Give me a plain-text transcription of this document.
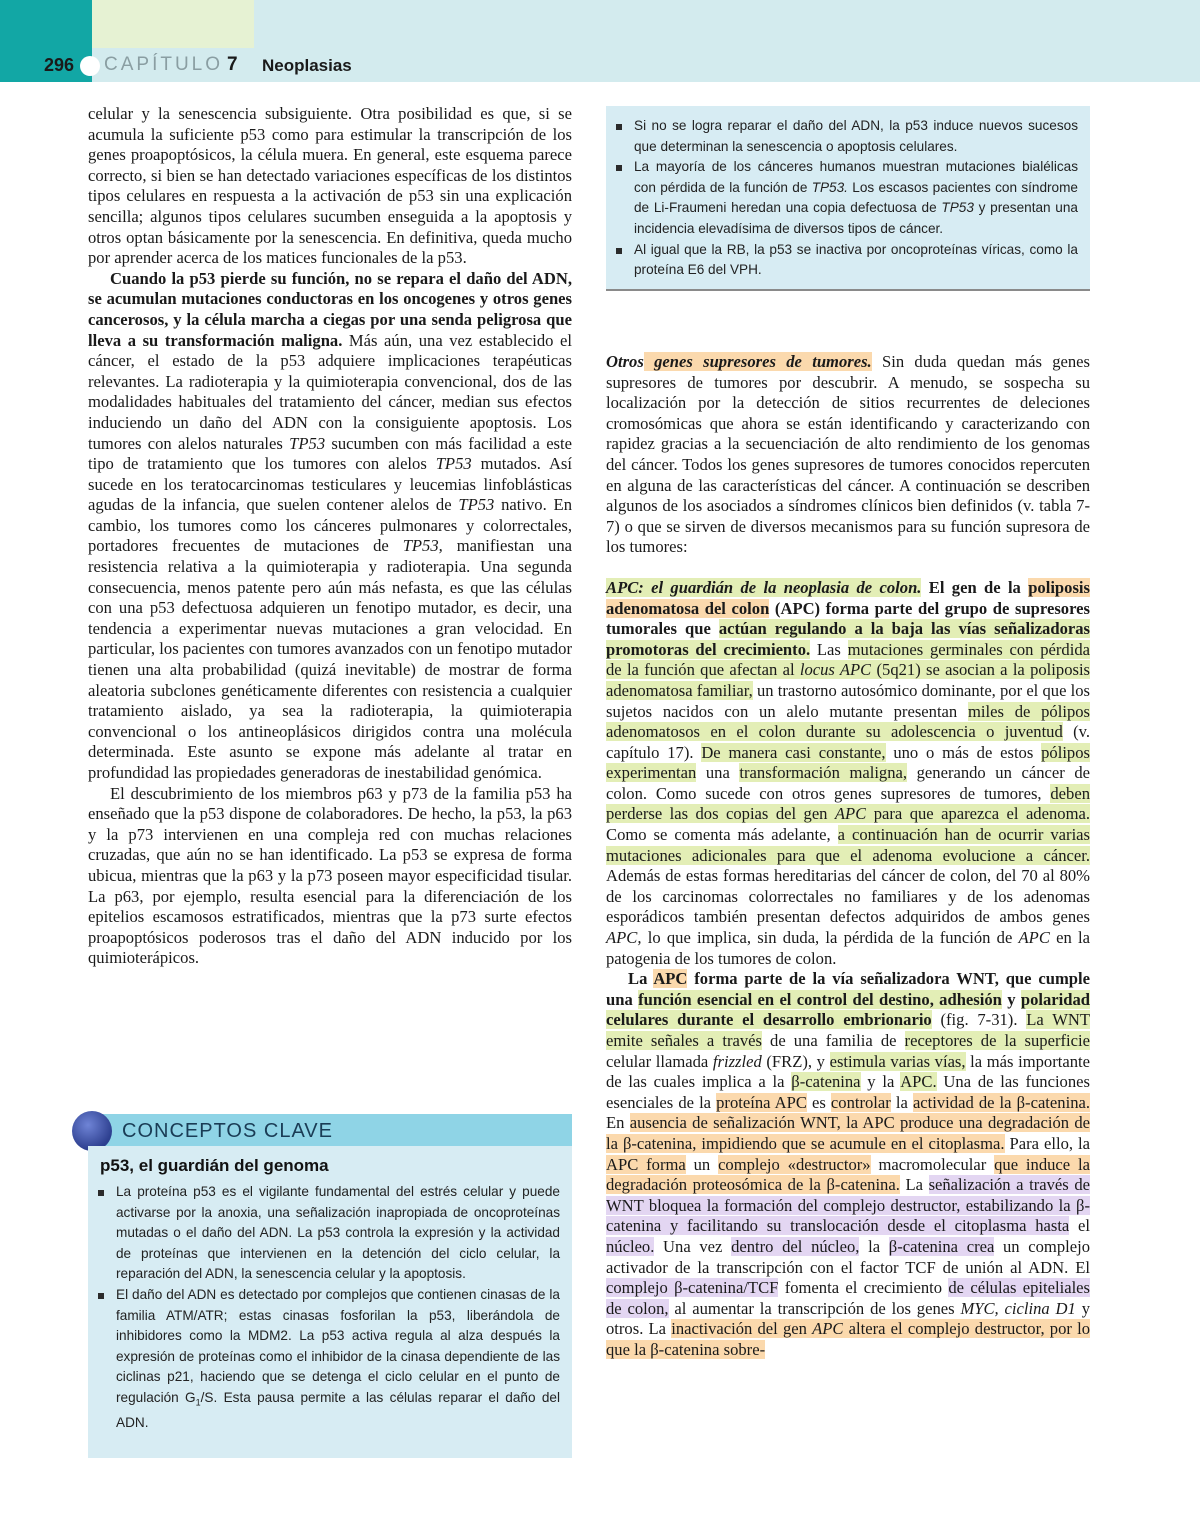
296 CAPÍTULO 7 Neoplasias

celular y la senescencia subsiguiente. Otra posibilidad es que, si se acumula la suficiente p53 como para estimular la transcripción de los genes proapoptósicos, la célula muera. En general, este esquema parece correcto, si bien se han detectado variaciones específicas de los distintos tipos celulares en respuesta a la activación de p53 sin una explicación sencilla; algunos tipos celulares sucumben enseguida a la apoptosis y otros optan básicamente por la senescencia. En definitiva, queda mucho por aprender acerca de los matices funcionales de la p53.

Cuando la p53 pierde su función, no se repara el daño del ADN, se acumulan mutaciones conductoras en los oncogenes y otros genes cancerosos, y la célula marcha a ciegas por una senda peligrosa que lleva a su transformación maligna. Más aún, una vez establecido el cáncer, el estado de la p53 adquiere implicaciones terapéuticas relevantes. La radioterapia y la quimioterapia convencional, dos de las modalidades habituales del tratamiento del cáncer, median sus efectos induciendo un daño del ADN con la consiguiente apoptosis. Los tumores con alelos naturales TP53 sucumben con más facilidad a este tipo de tratamiento que los tumores con alelos TP53 mutados. Así sucede en los teratocarcinomas testiculares y leucemias linfoblásticas agudas de la infancia, que suelen contener alelos de TP53 nativo. En cambio, los tumores como los cánceres pulmonares y colorrectales, portadores frecuentes de mutaciones de TP53, manifiestan una resistencia relativa a la quimioterapia y radioterapia. Una segunda consecuencia, menos patente pero aún más nefasta, es que las células con una p53 defectuosa adquieren un fenotipo mutador, es decir, una tendencia a experimentar nuevas mutaciones a gran velocidad. En particular, los pacientes con tumores avanzados con un fenotipo mutador tienen una alta probabilidad (quizá inevitable) de mostrar de forma aleatoria subclones genéticamente diferentes con resistencia a cualquier tratamiento aislado, ya sea la radioterapia, la quimioterapia convencional o los antineoplásicos dirigidos contra una molécula determinada. Este asunto se expone más adelante al tratar en profundidad las propiedades generadoras de inestabilidad genómica.

El descubrimiento de los miembros p63 y p73 de la familia p53 ha enseñado que la p53 dispone de colaboradores. De hecho, la p53, la p63 y la p73 intervienen en una compleja red con muchas relaciones cruzadas, que aún no se han identificado. La p53 se expresa de forma ubicua, mientras que la p63 y la p73 poseen mayor especificidad tisular. La p63, por ejemplo, resulta esencial para la diferenciación de los epitelios escamosos estratificados, mientras que la p73 surte efectos proapoptósicos poderosos tras el daño del ADN inducido por los quimioterápicos.

CONCEPTOS CLAVE
p53, el guardián del genoma
La proteína p53 es el vigilante fundamental del estrés celular y puede activarse por la anoxia, una señalización inapropiada de oncoproteínas mutadas o el daño del ADN. La p53 controla la expresión y la actividad de proteínas que intervienen en la detención del ciclo celular, la reparación del ADN, la senescencia celular y la apoptosis.
El daño del ADN es detectado por complejos que contienen cinasas de la familia ATM/ATR; estas cinasas fosforilan la p53, liberándola de inhibidores como la MDM2. La p53 activa regula al alza después la expresión de proteínas como el inhibidor de la cinasa dependiente de las ciclinas p21, haciendo que se detenga el ciclo celular en el punto de regulación $G_1/S$. Esta pausa permite a las células reparar el daño del ADN.
Si no se logra reparar el daño del ADN, la p53 induce nuevos sucesos que determinan la senescencia o apoptosis celulares.
La mayoría de los cánceres humanos muestran mutaciones bialélicas con pérdida de la función de TP53. Los escasos pacientes con síndrome de Li-Fraumeni heredan una copia defectuosa de TP53 y presentan una incidencia elevadísima de diversos tipos de cáncer.
Al igual que la RB, la p53 se inactiva por oncoproteínas víricas, como la proteína E6 del VPH.

Otros genes supresores de tumores. Sin duda quedan más genes supresores de tumores por descubrir. A menudo, se sospecha su localización por la detección de sitios recurrentes de deleciones cromosómicas que ahora se están identificando y caracterizando con rapidez gracias a la secuenciación de alto rendimiento de los genomas del cáncer. Todos los genes supresores de tumores conocidos repercuten en alguna de las características del cáncer. A continuación se describen algunos de los asociados a síndromes clínicos bien definidos (v. tabla 7-7) o que se sirven de diversos mecanismos para su función supresora de los tumores:

APC: el guardián de la neoplasia de colon. El gen de la poliposis adenomatosa del colon (APC) forma parte del grupo de supresores tumorales que actúan regulando a la baja las vías señalizadoras promotoras del crecimiento. Las mutaciones germinales con pérdida de la función que afectan al locus APC (5q21) se asocian a la poliposis adenomatosa familiar, un trastorno autosómico dominante, por el que los sujetos nacidos con un alelo mutante presentan miles de pólipos adenomatosos en el colon durante su adolescencia o juventud (v. capítulo 17). De manera casi constante, uno o más de estos pólipos experimentan una transformación maligna, generando un cáncer de colon. Como sucede con otros genes supresores de tumores, deben perderse las dos copias del gen APC para que aparezca el adenoma. Como se comenta más adelante, a continuación han de ocurrir varias mutaciones adicionales para que el adenoma evolucione a cáncer. Además de estas formas hereditarias del cáncer de colon, del 70 al 80% de los carcinomas colorrectales no familiares y de los adenomas esporádicos también presentan defectos adquiridos de ambos genes APC, lo que implica, sin duda, la pérdida de la función de APC en la patogenia de los tumores de colon.

La APC forma parte de la vía señalizadora WNT, que cumple una función esencial en el control del destino, adhesión y polaridad celulares durante el desarrollo embrionario (fig. 7-31). La WNT emite señales a través de una familia de receptores de la superficie celular llamada frizzled (FRZ), y estimula varias vías, la más importante de las cuales implica a la β-catenina y la APC. Una de las funciones esenciales de la proteína APC es controlar la actividad de la β-catenina. En ausencia de señalización WNT, la APC produce una degradación de la β-catenina, impidiendo que se acumule en el citoplasma. Para ello, la APC forma un complejo «destructor» macromolecular que induce la degradación proteosómica de la β-catenina. La señalización a través de WNT bloquea la formación del complejo destructor, estabilizando la β-catenina y facilitando su translocación desde el citoplasma hasta el núcleo. Una vez dentro del núcleo, la β-catenina crea un complejo activador de la transcripción con el factor TCF de unión al ADN. El complejo β-catenina/TCF fomenta el crecimiento de células epiteliales de colon, al aumentar la transcripción de los genes MYC, ciclina D1 y otros. La inactivación del gen APC altera el complejo destructor, por lo que la β-catenina sobre-
